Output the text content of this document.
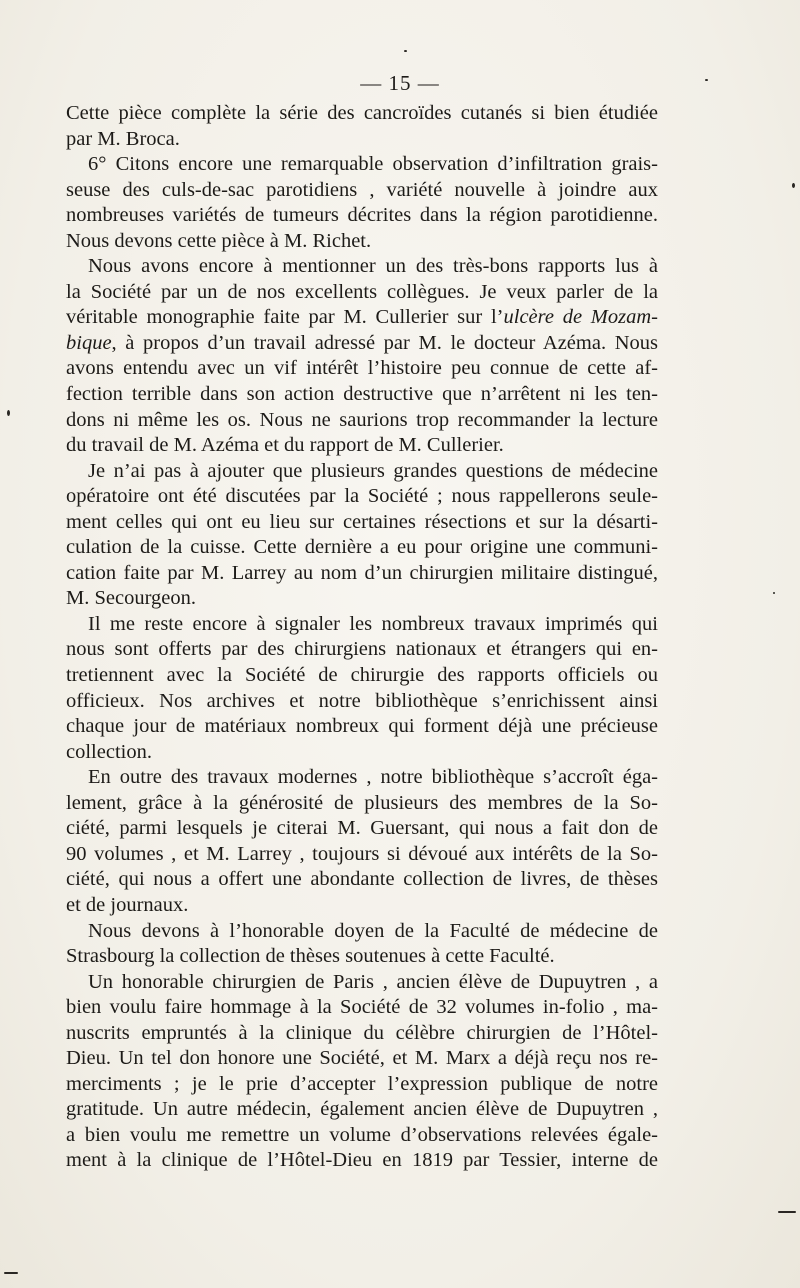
— 15 —
Cette pièce complète la série des cancroïdes cutanés si bien étudiée
par M. Broca.
6° Citons encore une remarquable observation d’infiltration grais-
seuse des culs-de-sac parotidiens , variété nouvelle à joindre aux
nombreuses variétés de tumeurs décrites dans la région parotidienne.
Nous devons cette pièce à M. Richet.
Nous avons encore à mentionner un des très-bons rapports lus à
la Société par un de nos excellents collègues. Je veux parler de la
véritable monographie faite par M. Cullerier sur l’ulcère de Mozam-
bique, à propos d’un travail adressé par M. le docteur Azéma. Nous
avons entendu avec un vif intérêt l’histoire peu connue de cette af-
fection terrible dans son action destructive que n’arrêtent ni les ten-
dons ni même les os. Nous ne saurions trop recommander la lecture
du travail de M. Azéma et du rapport de M. Cullerier.
Je n’ai pas à ajouter que plusieurs grandes questions de médecine
opératoire ont été discutées par la Société ; nous rappellerons seule-
ment celles qui ont eu lieu sur certaines résections et sur la désarti-
culation de la cuisse. Cette dernière a eu pour origine une communi-
cation faite par M. Larrey au nom d’un chirurgien militaire distingué,
M. Secourgeon.
Il me reste encore à signaler les nombreux travaux imprimés qui
nous sont offerts par des chirurgiens nationaux et étrangers qui en-
tretiennent avec la Société de chirurgie des rapports officiels ou
officieux. Nos archives et notre bibliothèque s’enrichissent ainsi
chaque jour de matériaux nombreux qui forment déjà une précieuse
collection.
En outre des travaux modernes , notre bibliothèque s’accroît éga-
lement, grâce à la générosité de plusieurs des membres de la So-
ciété, parmi lesquels je citerai M. Guersant, qui nous a fait don de
90 volumes , et M. Larrey , toujours si dévoué aux intérêts de la So-
ciété, qui nous a offert une abondante collection de livres, de thèses
et de journaux.
Nous devons à l’honorable doyen de la Faculté de médecine de
Strasbourg la collection de thèses soutenues à cette Faculté.
Un honorable chirurgien de Paris , ancien élève de Dupuytren , a
bien voulu faire hommage à la Société de 32 volumes in-folio , ma-
nuscrits empruntés à la clinique du célèbre chirurgien de l’Hôtel-
Dieu. Un tel don honore une Société, et M. Marx a déjà reçu nos re-
merciments ; je le prie d’accepter l’expression publique de notre
gratitude. Un autre médecin, également ancien élève de Dupuytren ,
a bien voulu me remettre un volume d’observations relevées égale-
ment à la clinique de l’Hôtel-Dieu en 1819 par Tessier, interne de
